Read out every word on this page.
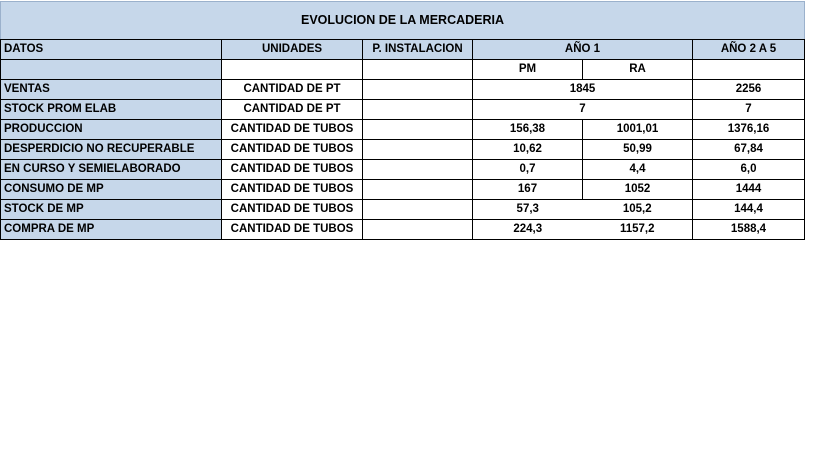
EVOLUCION DE LA MERCADERIA					
DATOS	UNIDADES	P. INSTALACION	AÑO 1		AÑO 2 A 5
			PM	RA	
VENTAS	CANTIDAD DE PT		1845		2256
STOCK PROM ELAB	CANTIDAD DE PT		7		7
PRODUCCION	CANTIDAD DE TUBOS		156,38	1001,01	1376,16
DESPERDICIO NO RECUPERABLE	CANTIDAD DE TUBOS		10,62	50,99	67,84
EN CURSO Y SEMIELABORADO	CANTIDAD DE TUBOS		0,7	4,4	6,0
CONSUMO DE MP	CANTIDAD DE TUBOS		167	1052	1444
STOCK DE MP	CANTIDAD DE TUBOS		57,3	105,2	144,4
COMPRA DE MP	CANTIDAD DE TUBOS		224,3	1157,2	1588,4
